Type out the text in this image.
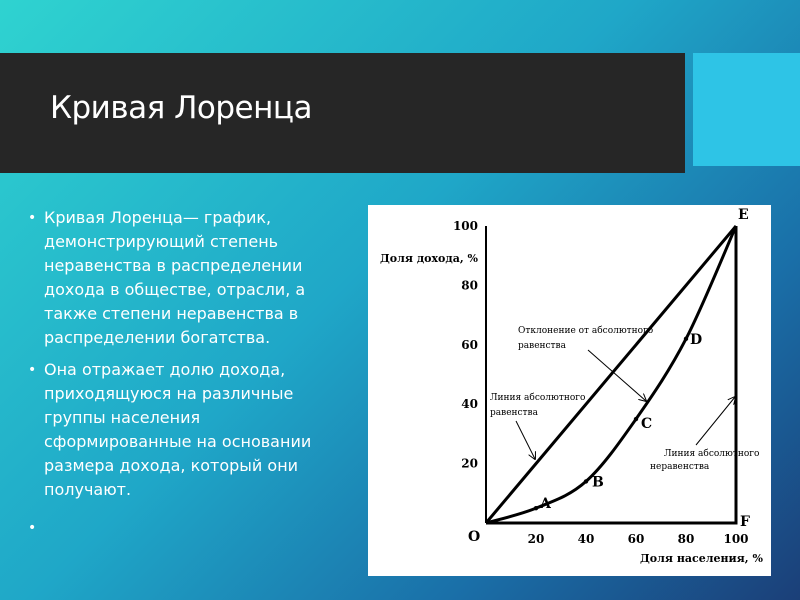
Кривая Лоренца
• Кривая Лоренца— график, демонстрирующий степень неравенства в распределении дохода в обществе, отрасли, а также степени неравенства в распределении богатства.
• Она отражает долю дохода, приходящуюся на различные группы населения сформированные на основании размера дохода, который они получают.
•
Доля дохода, %
Доля населения, %
Отклонение от абсолютного
равенства
Линия абсолютного
равенства
Линия абсолютного
неравенства
O
A
B
C
D
E
F
20
40
60
80
100
20	40	60	80 100
